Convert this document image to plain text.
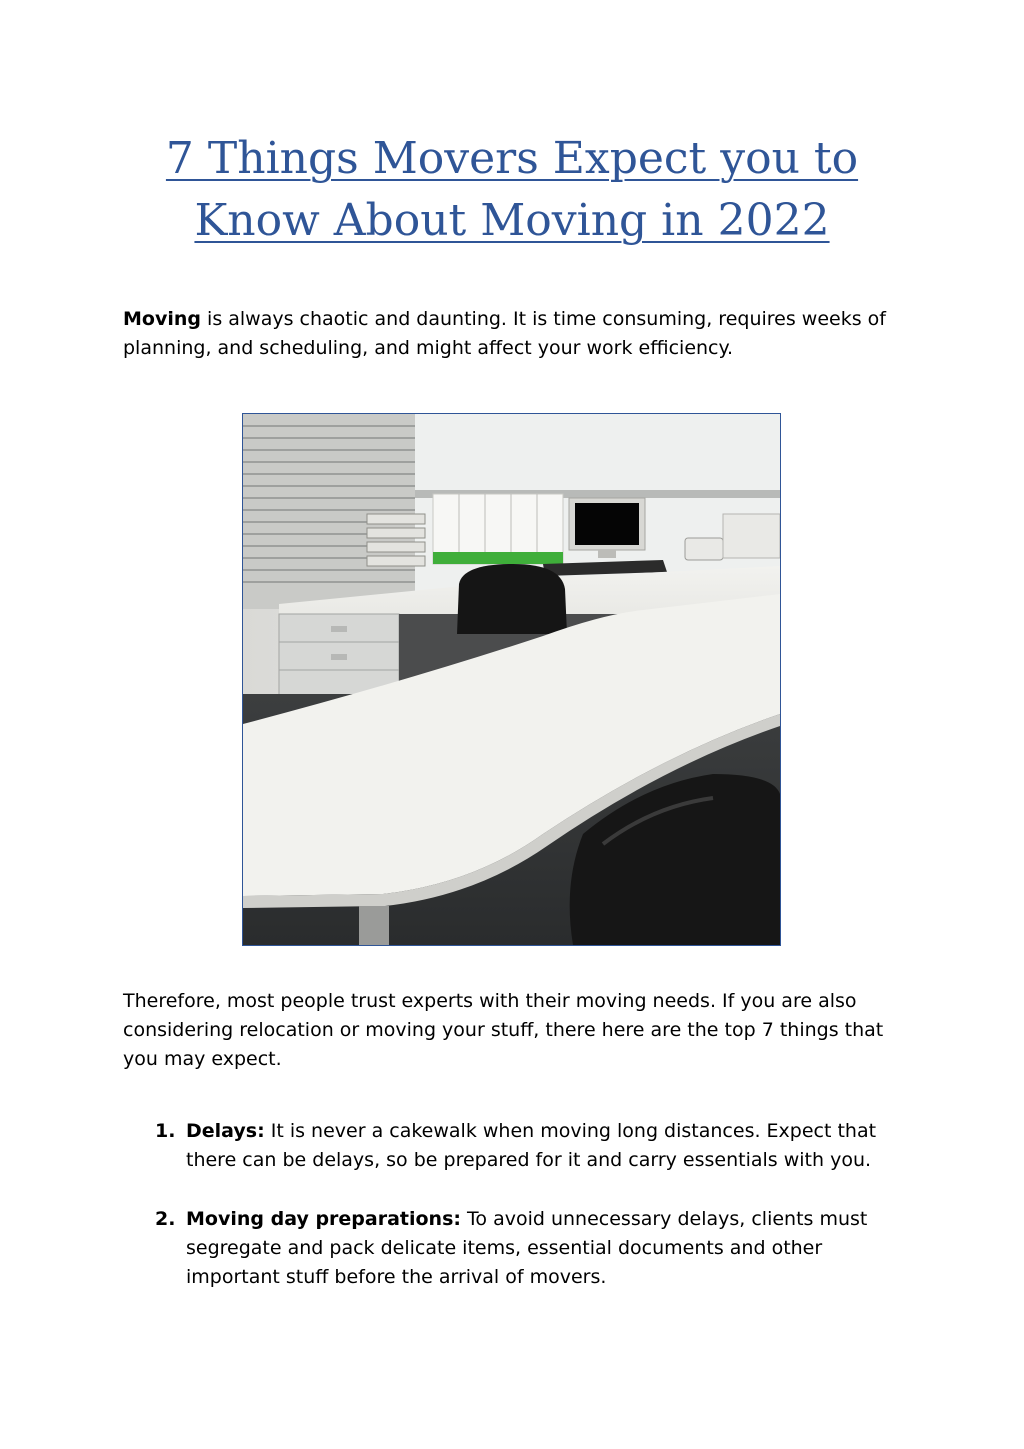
7 Things Movers Expect you to
Know About Moving in 2022

Moving is always chaotic and daunting. It is time consuming, requires weeks of planning, and scheduling, and might affect your work efficiency.

Therefore, most people trust experts with their moving needs. If you are also considering relocation or moving your stuff, there here are the top 7 things that you may expect.

1. Delays: It is never a cakewalk when moving long distances. Expect that there can be delays, so be prepared for it and carry essentials with you.
2. Moving day preparations: To avoid unnecessary delays, clients must segregate and pack delicate items, essential documents and other important stuff before the arrival of movers.
